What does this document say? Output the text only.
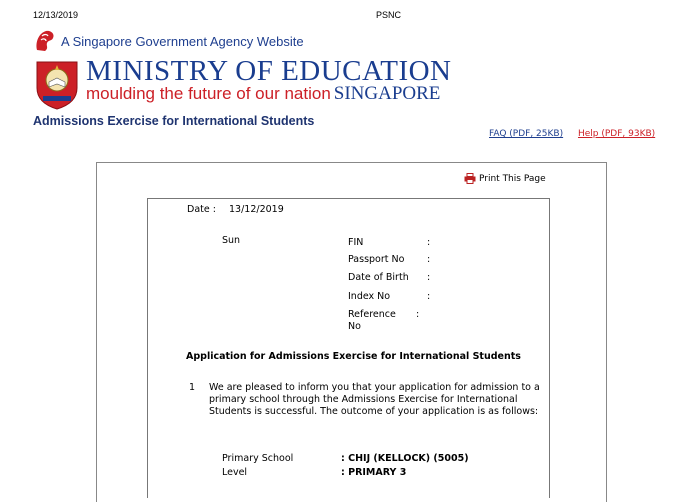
12/13/2019	PSNC
A Singapore Government Agency Website
MINISTRY OF EDUCATION
moulding the future of our nation SINGAPORE
Admissions Exercise for International Students
FAQ (PDF, 25KB) Help (PDF, 93KB)
Print This Page
Date : 13/12/2019
Sun	FIN	:
Passport No :
Date of Birth :
Index No	:
Reference :
No
Application for Admissions Exercise for International Students
1 We are pleased to inform you that your application for admission to a primary school through the Admissions Exercise for International Students is successful. The outcome of your application is as follows:
Primary School	: CHIJ (KELLOCK) (5005)
Level	: PRIMARY 3
